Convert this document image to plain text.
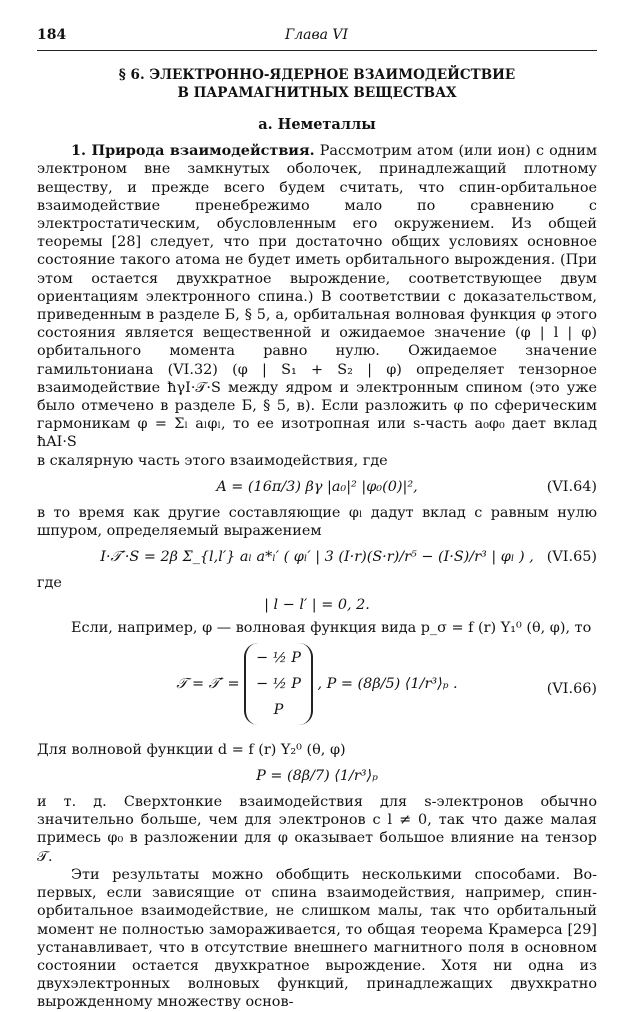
184	Глава VI
§ 6. ЭЛЕКТРОННО-ЯДЕРНОЕ ВЗАИМОДЕЙСТВИЕ
В ПАРАМАГНИТНЫХ ВЕЩЕСТВАХ
а. Неметаллы

1. Природа взаимодействия. Рассмотрим атом (или ион) с одним электроном вне замкнутых оболочек, принадлежащий плотному веществу, и прежде всего будем считать, что спин-орбитальное взаимодействие пренебрежимо мало по сравнению с электростатическим, обусловленным его окружением. Из общей теоремы [28] следует, что при достаточно общих условиях основное состояние такого атома не будет иметь орбитального вырождения. (При этом остается двухкратное вырождение, соответствующее двум ориентациям электронного спина.) В соответствии с доказательством, приведенным в разделе Б, § 5, а, орбитальная волновая функция φ этого состояния является вещественной и ожидаемое значение (φ | l | φ) орбитального момента равно нулю. Ожидаемое значение гамильтониана (VI.32) (φ | S₁ + S₂ | φ) определяет тензорное взаимодействие ħγI·𝒯·S между ядром и электронным спином (это уже было отмечено в разделе Б, § 5, в). Если разложить φ по сферическим гармоникам φ = Σₗ aₗφₗ, то ее изотропная или s-часть a₀φ₀ дает вклад ħAI·S

в скалярную часть этого взаимодействия, где

A = (16π/3) βγ |a₀|² |φ₀(0)|²,	(VI.64)

в то время как другие составляющие φₗ дадут вклад с равным нулю шпуром, определяемый выражением

I·𝒯′·S = 2β Σ_{l,l′} aₗ a*ₗ′ ( φₗ′ | 3 (I·r)(S·r)/r⁵ − (I·S)/r³ | φₗ ) , (VI.65)

где

| l − l′ | = 0, 2.

Если, например, φ — волновая функция вида p_σ = f (r) Y₁⁰ (θ, φ), то

𝒯 = 𝒯′ = − ½ P
− ½ P
P , P = (8β/5) ⟨1/r³⟩ₚ .	(VI.66)

Для волновой функции d = f (r) Y₂⁰ (θ, φ)

P = (8β/7) ⟨1/r³⟩ₚ

и т. д. Сверхтонкие взаимодействия для s-электронов обычно значительно больше, чем для электронов с l ≠ 0, так что даже малая примесь φ₀ в разложении для φ оказывает большое влияние на тензор 𝒯.

Эти результаты можно обобщить несколькими способами. Во-первых, если зависящие от спина взаимодействия, например, спин-орбитальное взаимодействие, не слишком малы, так что орбитальный момент не полностью замораживается, то общая теорема Крамерса [29] устанавливает, что в отсутствие внешнего магнитного поля в основном состоянии остается двухкратное вырождение. Хотя ни одна из двухэлектронных волновых функций, принадлежащих двухкратно вырожденному множеству основ-
